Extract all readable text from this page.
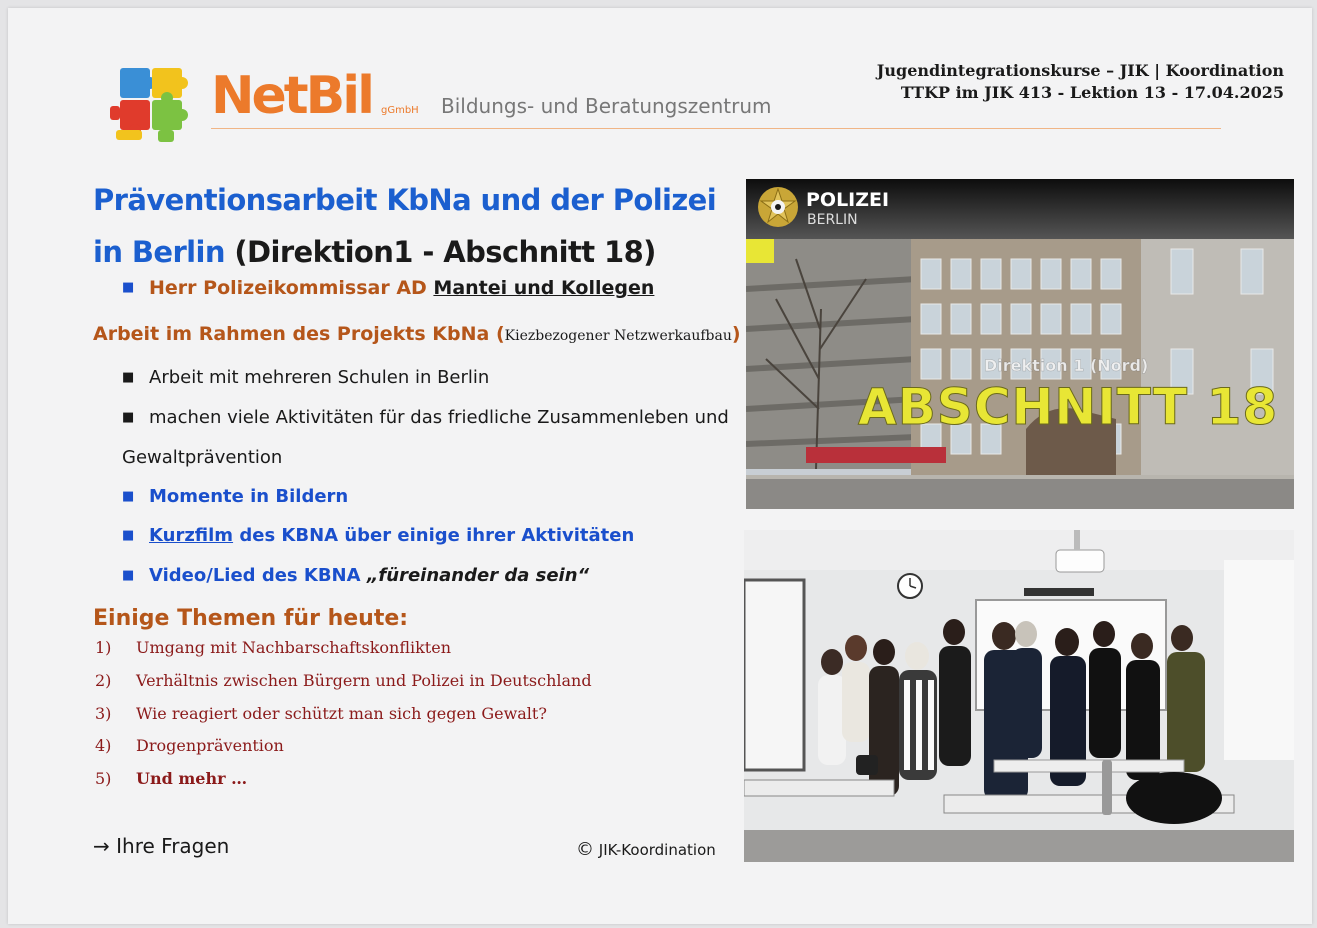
NetBil gGmbH Bildungs- und Beratungszentrum
Jugendintegrationskurse – JIK | Koordination
TTKP im JIK 413 - Lektion 13 - 17.04.2025
Präventionsarbeit KbNa und der Polizei in Berlin (Direktion1 - Abschnitt 18)
■ Herr Polizeikommissar AD Mantei und Kollegen
Arbeit im Rahmen des Projekts KbNa (Kiezbezogener Netzwerkaufbau)
■ Arbeit mit mehreren Schulen in Berlin
■ machen viele Aktivitäten für das friedliche Zusammenleben und
Gewaltprävention
■ Momente in Bildern
■ Kurzfilm des KBNA über einige ihrer Aktivitäten
■ Video/Lied des KBNA „füreinander da sein“
Einige Themen für heute:
1) Umgang mit Nachbarschaftskonflikten
2) Verhältnis zwischen Bürgern und Polizei in Deutschland
3) Wie reagiert oder schützt man sich gegen Gewalt?
4) Drogenprävention
5) Und mehr …
→ Ihre Fragen	© JIK-Koordination
POLIZEI
BERLIN
Direktion 1 (Nord)
ABSCHNITT 18
